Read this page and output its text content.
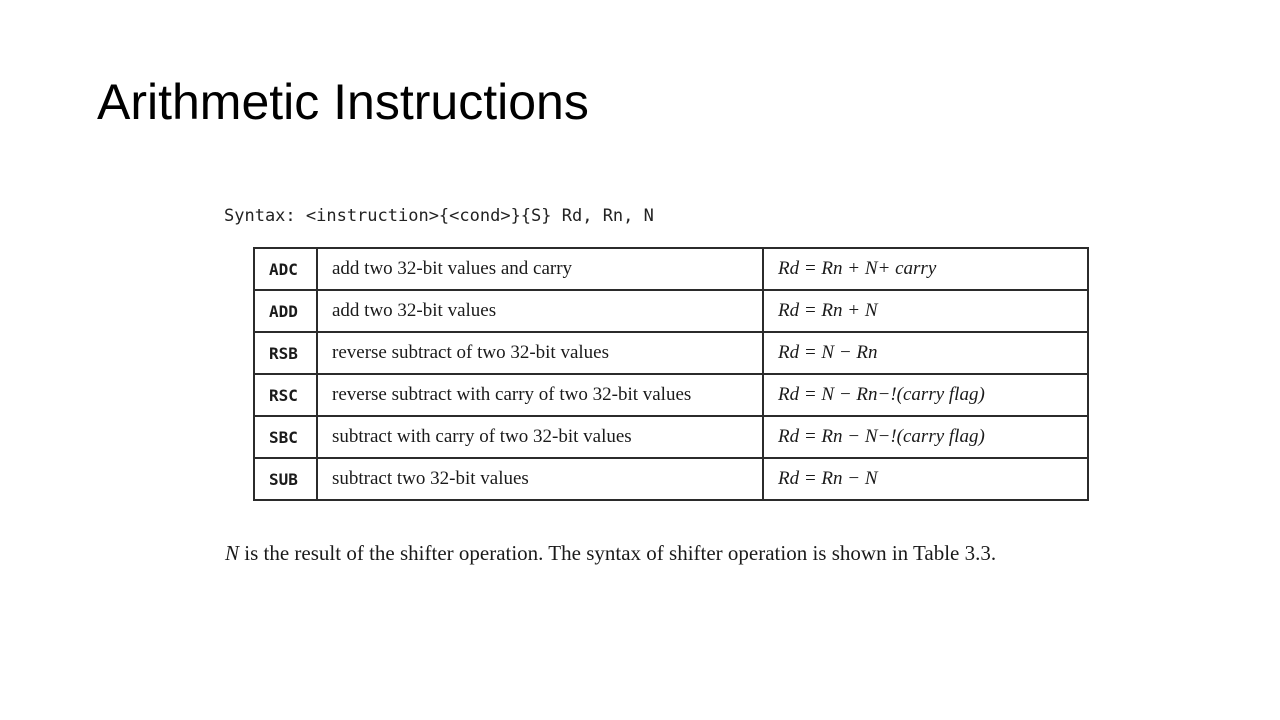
Arithmetic Instructions
Syntax: <instruction>{<cond>}{S} Rd, Rn, N
ADC	add two 32-bit values and carry	Rd = Rn + N+ carry
ADD	add two 32-bit values	Rd = Rn + N
RSB	reverse subtract of two 32-bit values	Rd = N − Rn
RSC	reverse subtract with carry of two 32-bit values	Rd = N − Rn−!(carry flag)
SBC	subtract with carry of two 32-bit values	Rd = Rn − N−!(carry flag)
SUB	subtract two 32-bit values	Rd = Rn − N
N is the result of the shifter operation. The syntax of shifter operation is shown in Table 3.3.
